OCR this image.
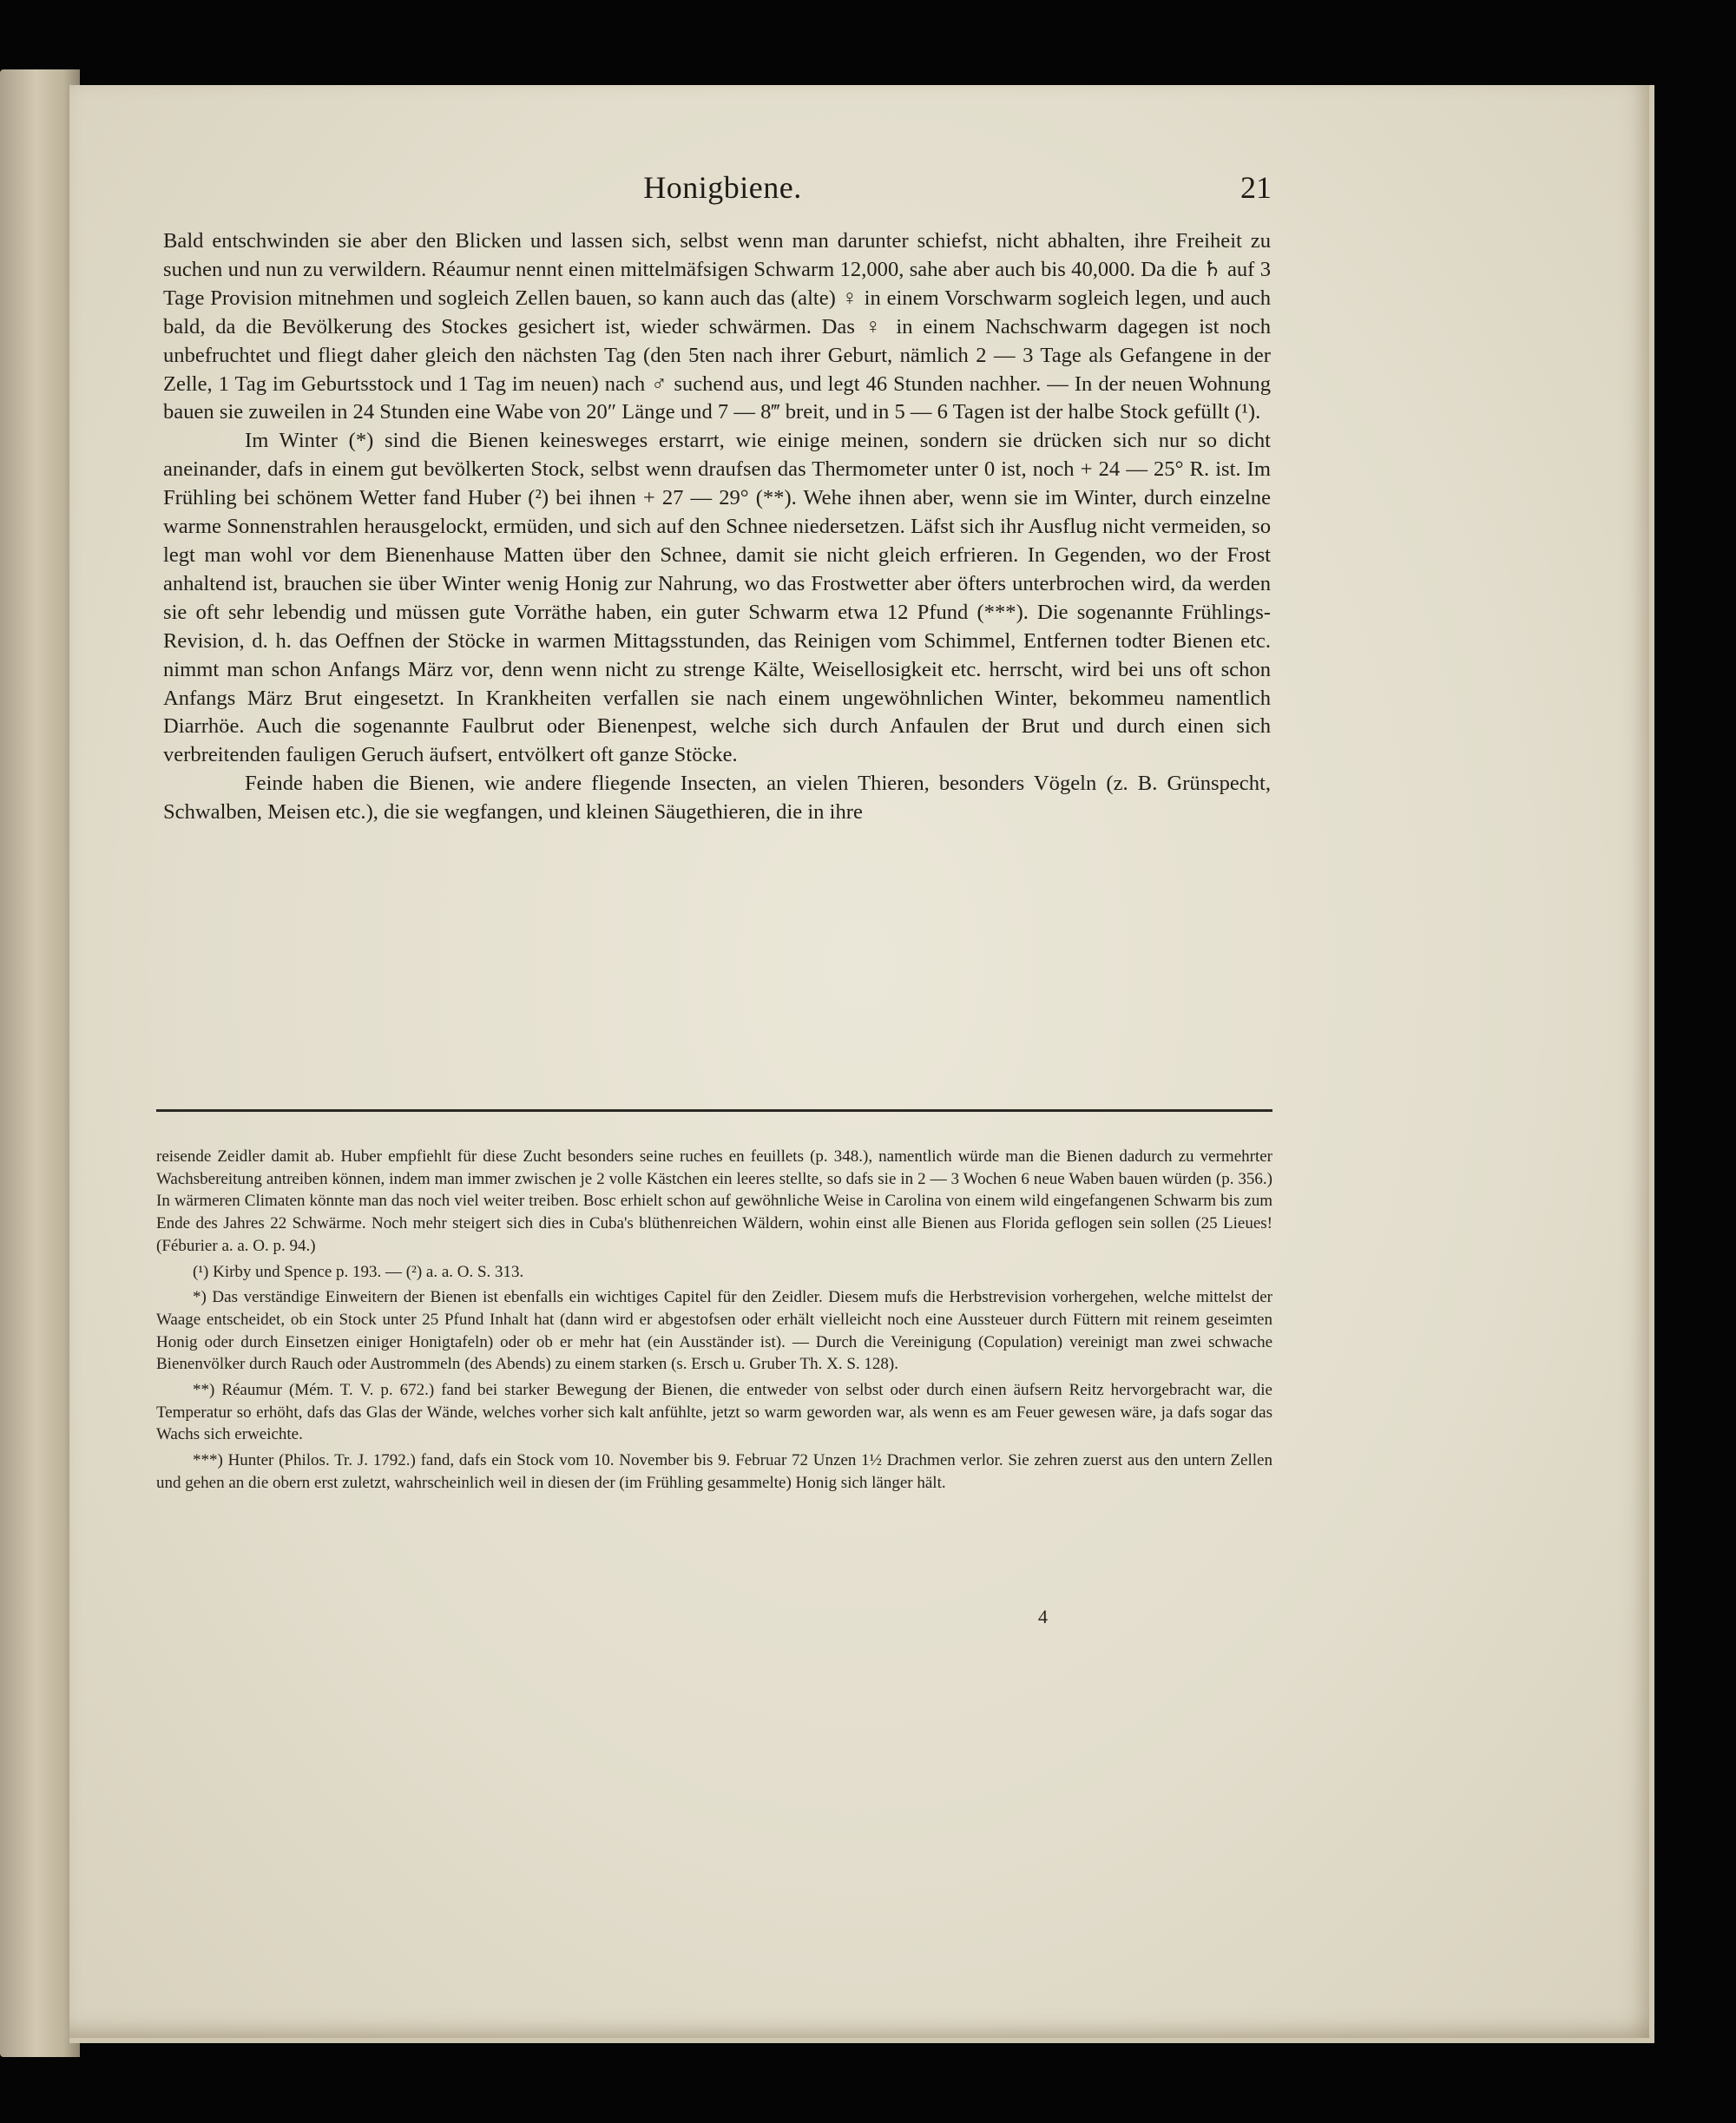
Honigbiene.	21

Bald entschwinden sie aber den Blicken und lassen sich, selbst wenn man darunter schiefst, nicht abhalten, ihre Freiheit zu suchen und nun zu verwildern. Réaumur nennt einen mittelmäfsigen Schwarm 12,000, sahe aber auch bis 40,000. Da die ♄ auf 3 Tage Provision mitnehmen und sogleich Zellen bauen, so kann auch das (alte) ♀ in einem Vorschwarm sogleich legen, und auch bald, da die Bevölkerung des Stockes gesichert ist, wieder schwärmen. Das ♀ in einem Nachschwarm dagegen ist noch unbefruchtet und fliegt daher gleich den nächsten Tag (den 5ten nach ihrer Geburt, nämlich 2 — 3 Tage als Gefangene in der Zelle, 1 Tag im Geburtsstock und 1 Tag im neuen) nach ♂ suchend aus, und legt 46 Stunden nachher. — In der neuen Wohnung bauen sie zuweilen in 24 Stunden eine Wabe von 20″ Länge und 7 — 8‴ breit, und in 5 — 6 Tagen ist der halbe Stock gefüllt (¹).

Im Winter (*) sind die Bienen keinesweges erstarrt, wie einige meinen, sondern sie drücken sich nur so dicht aneinander, dafs in einem gut bevölkerten Stock, selbst wenn draufsen das Thermometer unter 0 ist, noch + 24 — 25° R. ist. Im Frühling bei schönem Wetter fand Huber (²) bei ihnen + 27 — 29° (**). Wehe ihnen aber, wenn sie im Winter, durch einzelne warme Sonnenstrahlen herausgelockt, ermüden, und sich auf den Schnee niedersetzen. Läfst sich ihr Ausflug nicht vermeiden, so legt man wohl vor dem Bienenhause Matten über den Schnee, damit sie nicht gleich erfrieren. In Gegenden, wo der Frost anhaltend ist, brauchen sie über Winter wenig Honig zur Nahrung, wo das Frostwetter aber öfters unterbrochen wird, da werden sie oft sehr lebendig und müssen gute Vorräthe haben, ein guter Schwarm etwa 12 Pfund (***). Die sogenannte Frühlings-Revision, d. h. das Oeffnen der Stöcke in warmen Mittagsstunden, das Reinigen vom Schimmel, Entfernen todter Bienen etc. nimmt man schon Anfangs März vor, denn wenn nicht zu strenge Kälte, Weisellosigkeit etc. herrscht, wird bei uns oft schon Anfangs März Brut eingesetzt. In Krankheiten verfallen sie nach einem ungewöhnlichen Winter, bekommeu namentlich Diarrhöe. Auch die sogenannte Faulbrut oder Bienenpest, welche sich durch Anfaulen der Brut und durch einen sich verbreitenden fauligen Geruch äufsert, entvölkert oft ganze Stöcke.

Feinde haben die Bienen, wie andere fliegende Insecten, an vielen Thieren, besonders Vögeln (z. B. Grünspecht, Schwalben, Meisen etc.), die sie wegfangen, und kleinen Säugethieren, die in ihre

reisende Zeidler damit ab. Huber empfiehlt für diese Zucht besonders seine ruches en feuillets (p. 348.), namentlich würde man die Bienen dadurch zu vermehrter Wachsbereitung antreiben können, indem man immer zwischen je 2 volle Kästchen ein leeres stellte, so dafs sie in 2 — 3 Wochen 6 neue Waben bauen würden (p. 356.) In wärmeren Climaten könnte man das noch viel weiter treiben. Bosc erhielt schon auf gewöhnliche Weise in Carolina von einem wild eingefangenen Schwarm bis zum Ende des Jahres 22 Schwärme. Noch mehr steigert sich dies in Cuba's blüthenreichen Wäldern, wohin einst alle Bienen aus Florida geflogen sein sollen (25 Lieues! (Féburier a. a. O. p. 94.)

(¹) Kirby und Spence p. 193. — (²) a. a. O. S. 313.

*) Das verständige Einweitern der Bienen ist ebenfalls ein wichtiges Capitel für den Zeidler. Diesem mufs die Herbstrevision vorhergehen, welche mittelst der Waage entscheidet, ob ein Stock unter 25 Pfund Inhalt hat (dann wird er abgestofsen oder erhält vielleicht noch eine Aussteuer durch Füttern mit reinem geseimten Honig oder durch Einsetzen einiger Honigtafeln) oder ob er mehr hat (ein Ausständer ist). — Durch die Vereinigung (Copulation) vereinigt man zwei schwache Bienenvölker durch Rauch oder Austrommeln (des Abends) zu einem starken (s. Ersch u. Gruber Th. X. S. 128).

**) Réaumur (Mém. T. V. p. 672.) fand bei starker Bewegung der Bienen, die entweder von selbst oder durch einen äufsern Reitz hervorgebracht war, die Temperatur so erhöht, dafs das Glas der Wände, welches vorher sich kalt anfühlte, jetzt so warm geworden war, als wenn es am Feuer gewesen wäre, ja dafs sogar das Wachs sich erweichte.

***) Hunter (Philos. Tr. J. 1792.) fand, dafs ein Stock vom 10. November bis 9. Februar 72 Unzen 1½ Drachmen verlor. Sie zehren zuerst aus den untern Zellen und gehen an die obern erst zuletzt, wahrscheinlich weil in diesen der (im Frühling gesammelte) Honig sich länger hält.

4
